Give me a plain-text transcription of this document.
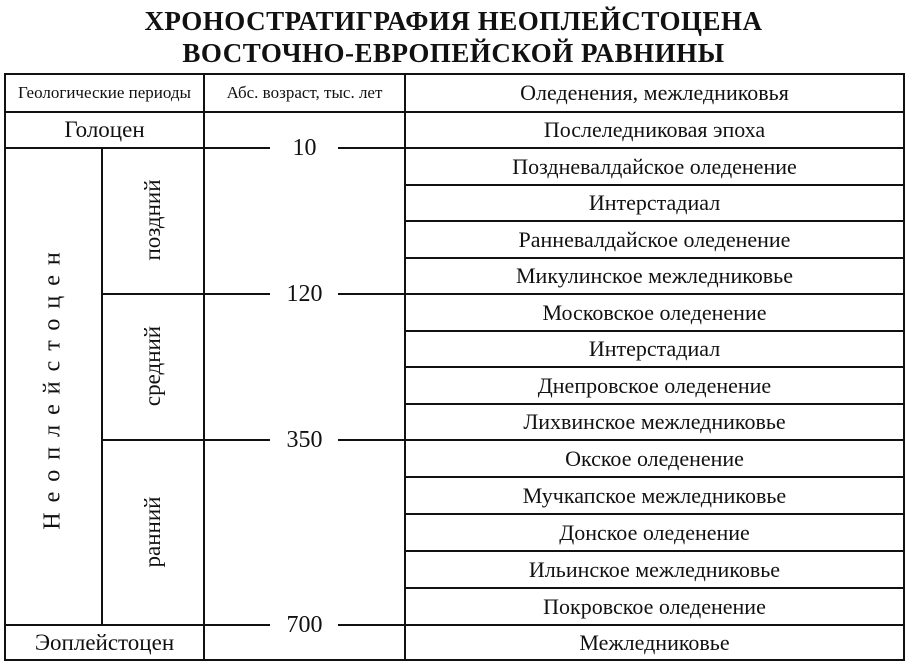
ХРОНОСТРАТИГРАФИЯ НЕОПЛЕЙСТОЦЕНА
ВОСТОЧНО-ЕВРОПЕЙСКОЙ РАВНИНЫ
Геологические периоды	Абс. возраст, тыс. лет	Оледенения, межледниковья
Голоцен
Эоплейстоцен
Неоплейстоцен
поздний
средний
ранний
10
120
350
700
Послеледниковая эпоха
Поздневалдайское оледенение
Интерстадиал
Ранневалдайское оледенение
Микулинское межледниковье
Московское оледенение
Интерстадиал
Днепровское оледенение
Лихвинское межледниковье
Окское оледенение
Мучкапское межледниковье
Донское оледенение
Ильинское межледниковье
Покровское оледенение
Межледниковье
